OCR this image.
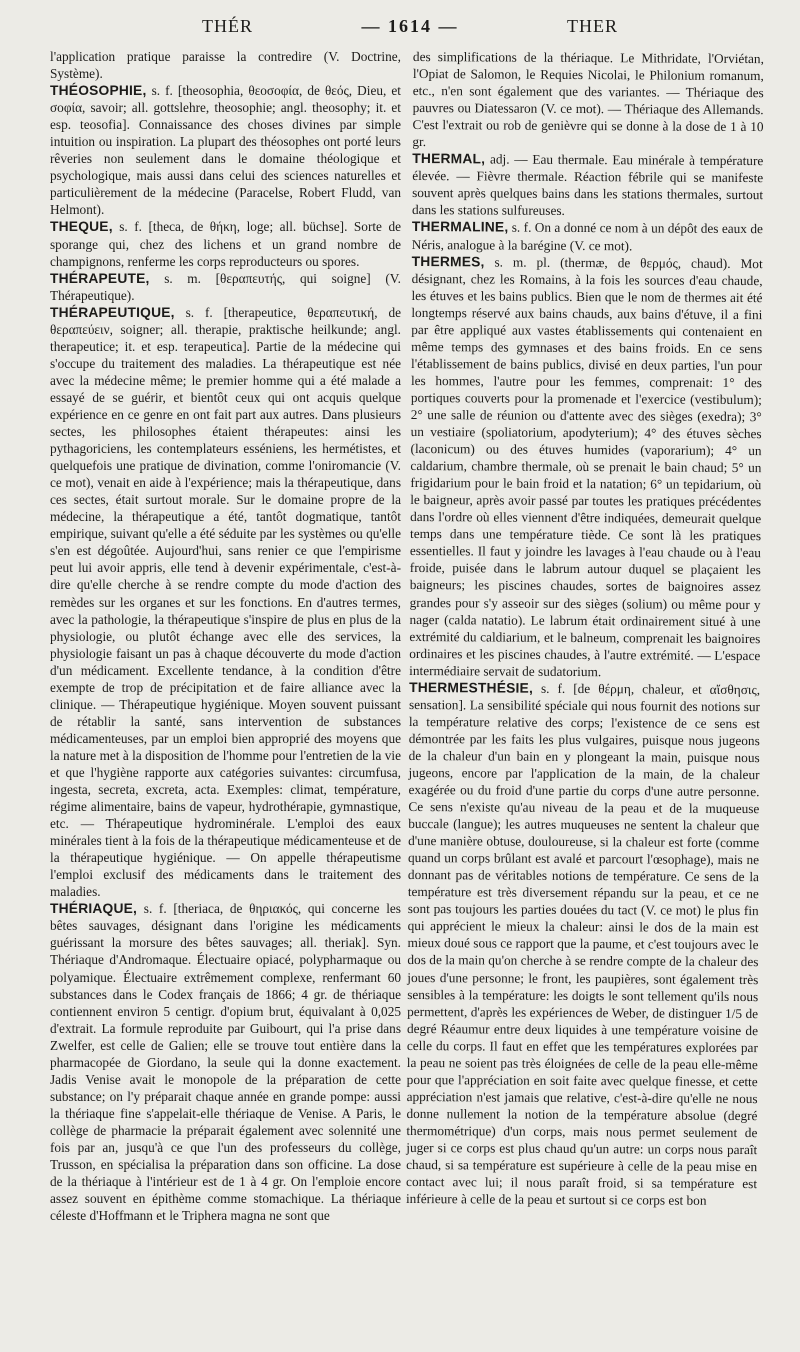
THÉR	— 1614 —	THER

l'application pratique paraisse la contredire (V. Doctrine, Système).

THÉOSOPHIE, s. f. [theosophia, θεοσοφία, de θεός, Dieu, et σοφία, savoir; all. gottslehre, theosophie; angl. theosophy; it. et esp. teosofia]. Connaissance des choses divines par simple intuition ou inspiration. La plupart des théosophes ont porté leurs rêveries non seulement dans le domaine théologique et psychologique, mais aussi dans celui des sciences naturelles et particulièrement de la médecine (Paracelse, Robert Fludd, van Helmont).

THEQUE, s. f. [theca, de θήκη, loge; all. büchse]. Sorte de sporange qui, chez des lichens et un grand nombre de champignons, renferme les corps reproducteurs ou spores.

THÉRAPEUTE, s. m. [θεραπευτής, qui soigne] (V. Thérapeutique).

THÉRAPEUTIQUE, s. f. [therapeutice, θεραπευτική, de θεραπεύειν, soigner; all. therapie, praktische heilkunde; angl. therapeutice; it. et esp. terapeutica]. Partie de la médecine qui s'occupe du traitement des maladies. La thérapeutique est née avec la médecine même; le premier homme qui a été malade a essayé de se guérir, et bientôt ceux qui ont acquis quelque expérience en ce genre en ont fait part aux autres. Dans plusieurs sectes, les philosophes étaient thérapeutes: ainsi les pythagoriciens, les contemplateurs esséniens, les hermétistes, et quelquefois une pratique de divination, comme l'oniromancie (V. ce mot), venait en aide à l'expérience; mais la thérapeutique, dans ces sectes, était surtout morale. Sur le domaine propre de la médecine, la thérapeutique a été, tantôt dogmatique, tantôt empirique, suivant qu'elle a été séduite par les systèmes ou qu'elle s'en est dégoûtée. Aujourd'hui, sans renier ce que l'empirisme peut lui avoir appris, elle tend à devenir expérimentale, c'est-à-dire qu'elle cherche à se rendre compte du mode d'action des remèdes sur les organes et sur les fonctions. En d'autres termes, avec la pathologie, la thérapeutique s'inspire de plus en plus de la physiologie, ou plutôt échange avec elle des services, la physiologie faisant un pas à chaque découverte du mode d'action d'un médicament. Excellente tendance, à la condition d'être exempte de trop de précipitation et de faire alliance avec la clinique. — Thérapeutique hygiénique. Moyen souvent puissant de rétablir la santé, sans intervention de substances médicamenteuses, par un emploi bien approprié des moyens que la nature met à la disposition de l'homme pour l'entretien de la vie et que l'hygiène rapporte aux catégories suivantes: circumfusa, ingesta, secreta, excreta, acta. Exemples: climat, température, régime alimentaire, bains de vapeur, hydrothérapie, gymnastique, etc. — Thérapeutique hydrominérale. L'emploi des eaux minérales tient à la fois de la thérapeutique médicamenteuse et de la thérapeutique hygiénique. — On appelle thérapeutisme l'emploi exclusif des médicaments dans le traitement des maladies.

THÉRIAQUE, s. f. [theriaca, de θηριακός, qui concerne les bêtes sauvages, désignant dans l'origine les médicaments guérissant la morsure des bêtes sauvages; all. theriak]. Syn. Thériaque d'Andromaque. Électuaire opiacé, polypharmaque ou polyamique. Électuaire extrêmement complexe, renfermant 60 substances dans le Codex français de 1866; 4 gr. de thériaque contiennent environ 5 centigr. d'opium brut, équivalant à 0,025 d'extrait. La formule reproduite par Guibourt, qui l'a prise dans Zwelfer, est celle de Galien; elle se trouve tout entière dans la pharmacopée de Giordano, la seule qui la donne exactement. Jadis Venise avait le monopole de la préparation de cette substance; on l'y préparait chaque année en grande pompe: aussi la thériaque fine s'appelait-elle thériaque de Venise. A Paris, le collège de pharmacie la préparait également avec solennité une fois par an, jusqu'à ce que l'un des professeurs du collège, Trusson, en spécialisa la préparation dans son officine. La dose de la thériaque à l'intérieur est de 1 à 4 gr. On l'emploie encore assez souvent en épithème comme stomachique. La thériaque céleste d'Hoffmann et le Triphera magna ne sont que

des simplifications de la thériaque. Le Mithridate, l'Orviétan, l'Opiat de Salomon, le Requies Nicolai, le Philonium romanum, etc., n'en sont également que des variantes. — Thériaque des pauvres ou Diatessaron (V. ce mot). — Thériaque des Allemands. C'est l'extrait ou rob de genièvre qui se donne à la dose de 1 à 10 gr.

THERMAL, adj. — Eau thermale. Eau minérale à température élevée. — Fièvre thermale. Réaction fébrile qui se manifeste souvent après quelques bains dans les stations thermales, surtout dans les stations sulfureuses.

THERMALINE, s. f. On a donné ce nom à un dépôt des eaux de Néris, analogue à la barégine (V. ce mot).

THERMES, s. m. pl. (thermæ, de θερμός, chaud). Mot désignant, chez les Romains, à la fois les sources d'eau chaude, les étuves et les bains publics. Bien que le nom de thermes ait été longtemps réservé aux bains chauds, aux bains d'étuve, il a fini par être appliqué aux vastes établissements qui contenaient en même temps des gymnases et des bains froids. En ce sens l'établissement de bains publics, divisé en deux parties, l'un pour les hommes, l'autre pour les femmes, comprenait: 1° des portiques couverts pour la promenade et l'exercice (vestibulum); 2° une salle de réunion ou d'attente avec des sièges (exedra); 3° un vestiaire (spoliatorium, apodyterium); 4° des étuves sèches (laconicum) ou des étuves humides (vaporarium); 4° un caldarium, chambre thermale, où se prenait le bain chaud; 5° un frigidarium pour le bain froid et la natation; 6° un tepidarium, où le baigneur, après avoir passé par toutes les pratiques précédentes dans l'ordre où elles viennent d'être indiquées, demeurait quelque temps dans une température tiède. Ce sont là les pratiques essentielles. Il faut y joindre les lavages à l'eau chaude ou à l'eau froide, puisée dans le labrum autour duquel se plaçaient les baigneurs; les piscines chaudes, sortes de baignoires assez grandes pour s'y asseoir sur des sièges (solium) ou même pour y nager (calda natatio). Le labrum était ordinairement situé à une extrémité du caldiarium, et le balneum, comprenait les baignoires ordinaires et les piscines chaudes, à l'autre extrémité. — L'espace intermédiaire servait de sudatorium.

THERMESTHÉSIE, s. f. [de θέρμη, chaleur, et αἴσθησις, sensation]. La sensibilité spéciale qui nous fournit des notions sur la température relative des corps; l'existence de ce sens est démontrée par les faits les plus vulgaires, puisque nous jugeons de la chaleur d'un bain en y plongeant la main, puisque nous jugeons, encore par l'application de la main, de la chaleur exagérée ou du froid d'une partie du corps d'une autre personne. Ce sens n'existe qu'au niveau de la peau et de la muqueuse buccale (langue); les autres muqueuses ne sentent la chaleur que d'une manière obtuse, douloureuse, si la chaleur est forte (comme quand un corps brûlant est avalé et parcourt l'œsophage), mais ne donnant pas de véritables notions de température. Ce sens de la température est très diversement répandu sur la peau, et ce ne sont pas toujours les parties douées du tact (V. ce mot) le plus fin qui apprécient le mieux la chaleur: ainsi le dos de la main est mieux doué sous ce rapport que la paume, et c'est toujours avec le dos de la main qu'on cherche à se rendre compte de la chaleur des joues d'une personne; le front, les paupières, sont également très sensibles à la température: les doigts le sont tellement qu'ils nous permettent, d'après les expériences de Weber, de distinguer 1/5 de degré Réaumur entre deux liquides à une température voisine de celle du corps. Il faut en effet que les températures explorées par la peau ne soient pas très éloignées de celle de la peau elle-même pour que l'appréciation en soit faite avec quelque finesse, et cette appréciation n'est jamais que relative, c'est-à-dire qu'elle ne nous donne nullement la notion de la température absolue (degré thermométrique) d'un corps, mais nous permet seulement de juger si ce corps est plus chaud qu'un autre: un corps nous paraît chaud, si sa température est supérieure à celle de la peau mise en contact avec lui; il nous paraît froid, si sa température est inférieure à celle de la peau et surtout si ce corps est bon
